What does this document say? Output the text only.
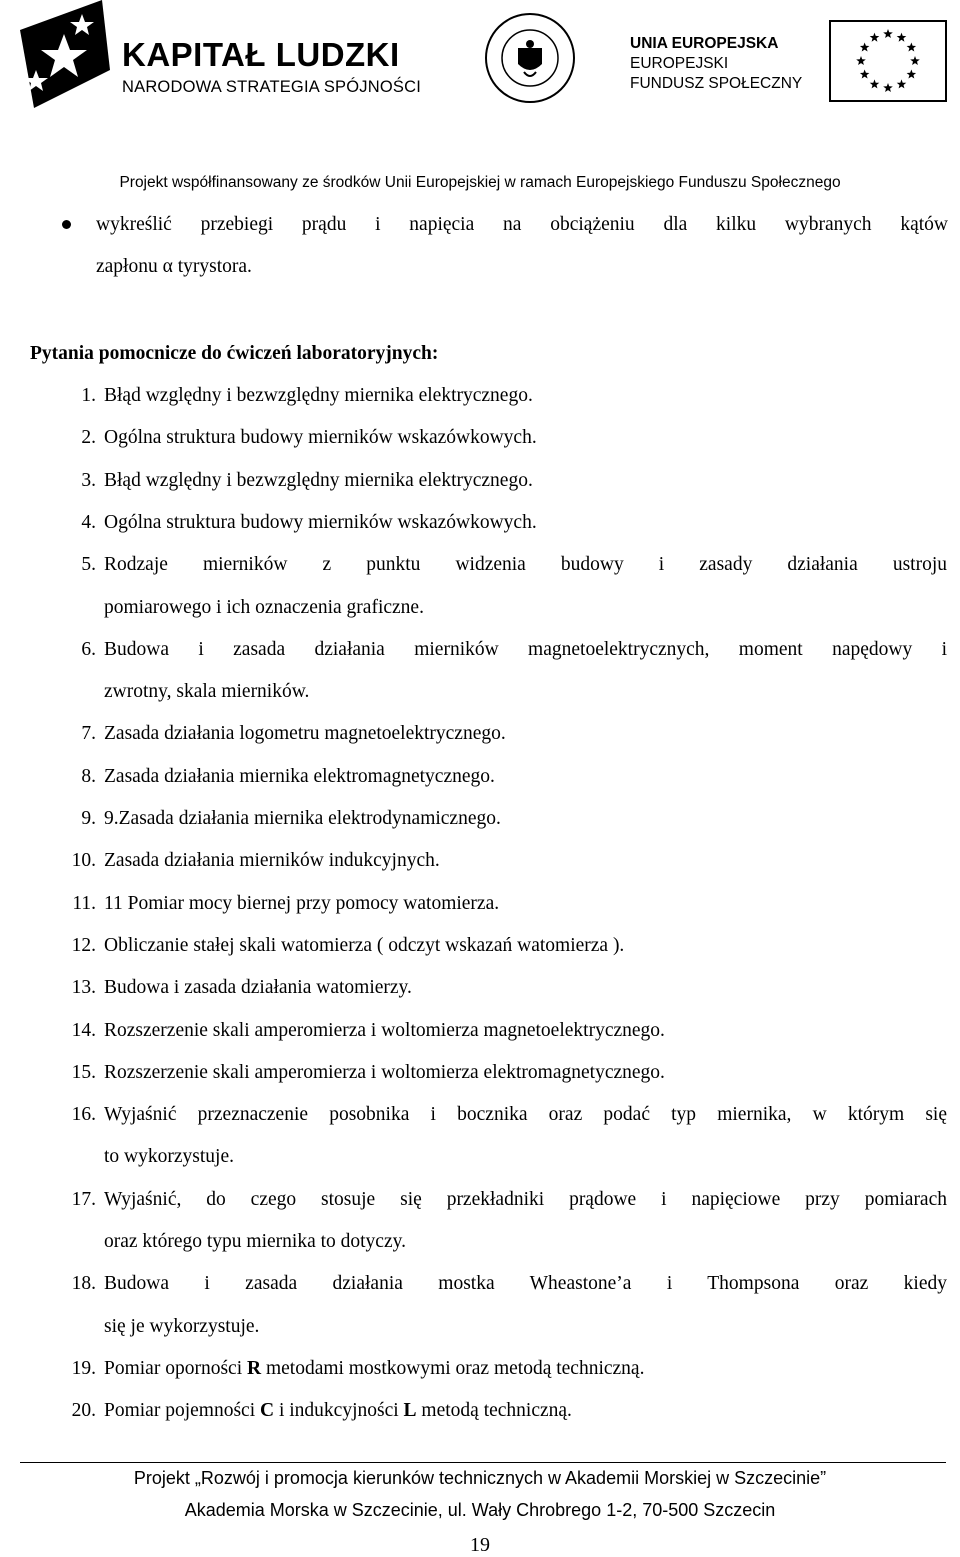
KAPITAŁ LUDZKI
NARODOWA STRATEGIA SPÓJNOŚCI
UNIA EUROPEJSKA
EUROPEJSKI
FUNDUSZ SPOŁECZNY
Projekt współfinansowany ze środków Unii Europejskiej w ramach Europejskiego Funduszu Społecznego
wykreślić przebiegi prądu i napięcia na obciążeniu dla kilku wybranych kątów
zapłonu α tyrystora.
Pytania pomocnicze do ćwiczeń laboratoryjnych:
1. Błąd względny i bezwzględny miernika elektrycznego.
2. Ogólna struktura budowy mierników wskazówkowych.
3. Błąd względny i bezwzględny miernika elektrycznego.
4. Ogólna struktura budowy mierników wskazówkowych.
5. Rodzaje mierników z punktu widzenia budowy i zasady działania ustroju
pomiarowego i ich oznaczenia graficzne.
6. Budowa i zasada działania mierników magnetoelektrycznych, moment napędowy i
zwrotny, skala mierników.
7. Zasada działania logometru magnetoelektrycznego.
8. Zasada działania miernika elektromagnetycznego.
9. 9.Zasada działania miernika elektrodynamicznego.
10. Zasada działania mierników indukcyjnych.
11. 11 Pomiar mocy biernej przy pomocy watomierza.
12. Obliczanie stałej skali watomierza ( odczyt wskazań watomierza ).
13. Budowa i zasada działania watomierzy.
14. Rozszerzenie skali amperomierza i woltomierza magnetoelektrycznego.
15. Rozszerzenie skali amperomierza i woltomierza elektromagnetycznego.
16. Wyjaśnić przeznaczenie posobnika i bocznika oraz podać typ miernika, w którym się
to wykorzystuje.
17. Wyjaśnić, do czego stosuje się przekładniki prądowe i napięciowe przy pomiarach
oraz którego typu miernika to dotyczy.
18. Budowa i zasada działania mostka Wheastone’a i Thompsona oraz kiedy
się je wykorzystuje.
19. Pomiar oporności R metodami mostkowymi oraz metodą techniczną.
20. Pomiar pojemności C i indukcyjności L metodą techniczną.
Projekt „Rozwój i promocja kierunków technicznych w Akademii Morskiej w Szczecinie”
Akademia Morska w Szczecinie, ul. Wały Chrobrego 1-2, 70-500 Szczecin
19
